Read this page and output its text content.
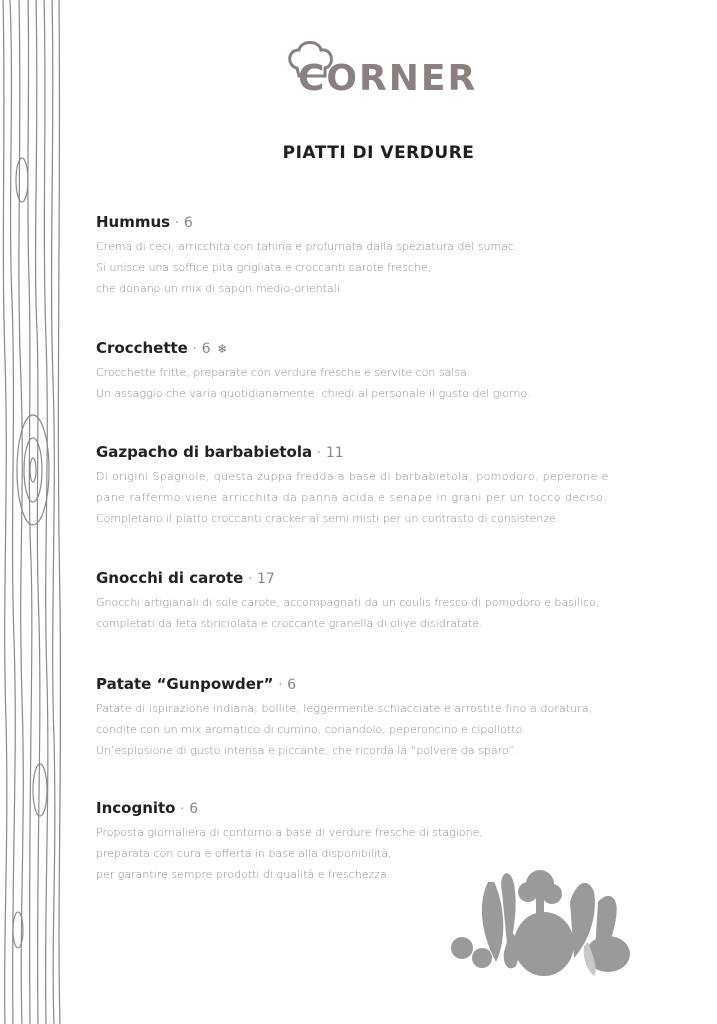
CORNER
PIATTI DI VERDURE
Hummus · 6
Crema di ceci, arricchita con tahina e profumata dalla speziatura del sumac.
Si unisce una soffice pita grigliata e croccanti carote fresche,
che donano un mix di sapori medio-orientali.
Crocchette · 6 ❄
Crocchette fritte, preparate con verdure fresche e servite con salsa.
Un assaggio che varia quotidianamente: chiedi al personale il gusto del giorno.
Gazpacho di barbabietola · 11
Di origini Spagnole, questa zuppa fredda a base di barbabietola, pomodoro, peperone e
pane raffermo viene arricchita da panna acida e senape in grani per un tocco deciso.
Completano il piatto croccanti cracker ai semi misti per un contrasto di consistenze.
Gnocchi di carote · 17
Gnocchi artigianali di sole carote, accompagnati da un coulis fresco di pomodoro e basilico,
completati da feta sbriciolata e croccante granella di olive disidratate.
Patate “Gunpowder” · 6
Patate di ispirazione indiana, bollite, leggermente schiacciate e arrostite fino a doratura,
condite con un mix aromatico di cumino, coriandolo, peperoncino e cipollotto.
Un’esplosione di gusto intensa e piccante, che ricorda la “polvere da sparo”.
Incognito · 6
Proposta giornaliera di contorno a base di verdure fresche di stagione,
preparata con cura e offerta in base alla disponibilità,
per garantire sempre prodotti di qualità e freschezza.
